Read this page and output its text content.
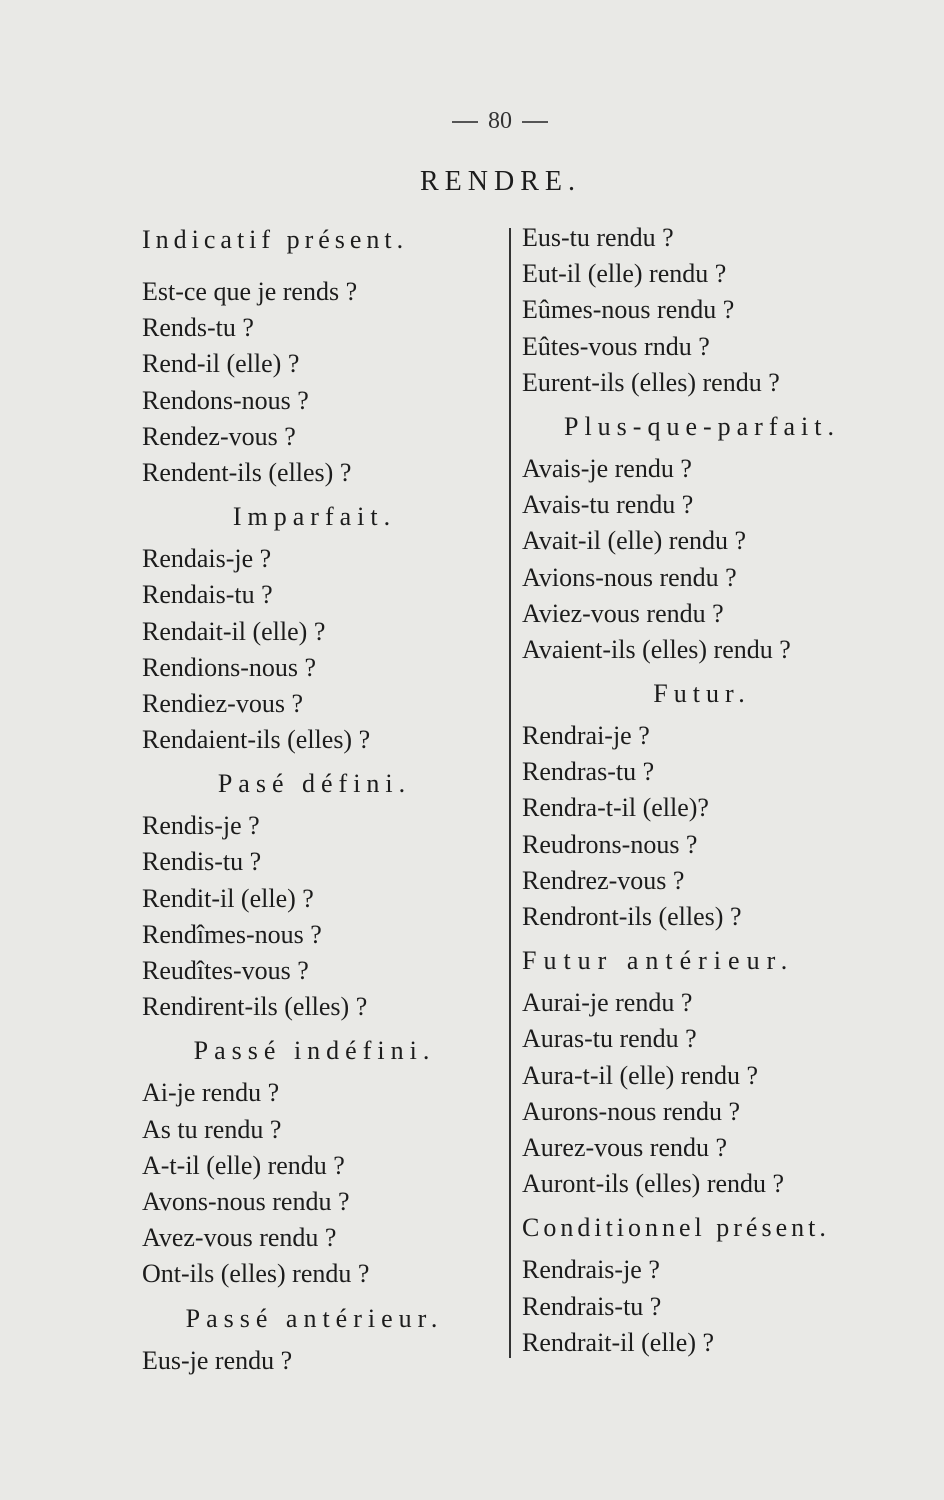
80
RENDRE.
Indicatif présent.
Est-ce que je rends ?
Rends-tu ?
Rend-il (elle) ?
Rendons-nous ?
Rendez-vous ?
Rendent-ils (elles) ?
Imparfait.
Rendais-je ?
Rendais-tu ?
Rendait-il (elle) ?
Rendions-nous ?
Rendiez-vous ?
Rendaient-ils (elles) ?
Pasé défini.
Rendis-je ?
Rendis-tu ?
Rendit-il (elle) ?
Rendîmes-nous ?
Reudîtes-vous ?
Rendirent-ils (elles) ?
Passé indéfini.
Ai-je rendu ?
As tu rendu ?
A-t-il (elle) rendu ?
Avons-nous rendu ?
Avez-vous rendu ?
Ont-ils (elles) rendu ?
Passé antérieur.
Eus-je rendu ?
Eus-tu rendu ?
Eut-il (elle) rendu ?
Eûmes-nous rendu ?
Eûtes-vous rndu ?
Eurent-ils (elles) rendu ?
Plus-que-parfait.
Avais-je rendu ?
Avais-tu rendu ?
Avait-il (elle) rendu ?
Avions-nous rendu ?
Aviez-vous rendu ?
Avaient-ils (elles) rendu ?
Futur.
Rendrai-je ?
Rendras-tu ?
Rendra-t-il (elle)?
Reudrons-nous ?
Rendrez-vous ?
Rendront-ils (elles) ?
Futur antérieur.
Aurai-je rendu ?
Auras-tu rendu ?
Aura-t-il (elle) rendu ?
Aurons-nous rendu ?
Aurez-vous rendu ?
Auront-ils (elles) rendu ?
Conditionnel présent.
Rendrais-je ?
Rendrais-tu ?
Rendrait-il (elle) ?
